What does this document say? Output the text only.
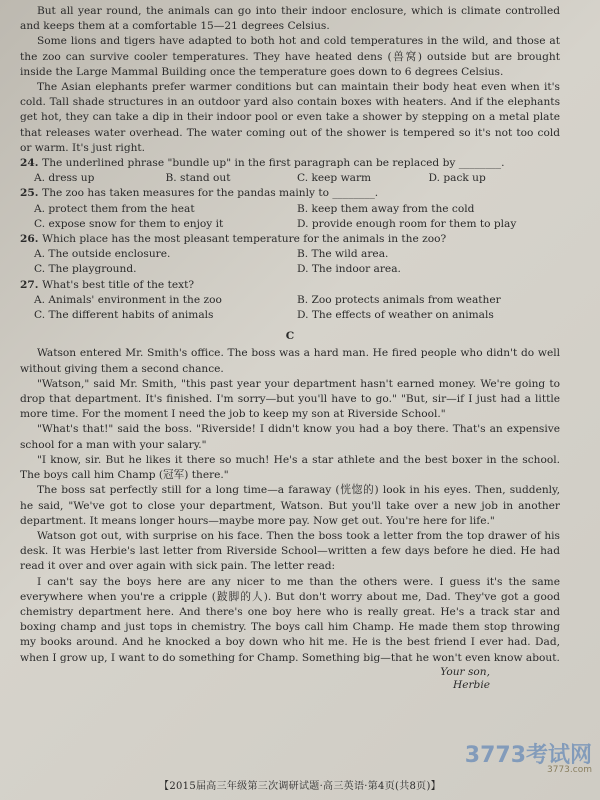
But all year round, the animals can go into their indoor enclosure, which is climate controlled and keeps them at a comfortable 15—21 degrees Celsius.

Some lions and tigers have adapted to both hot and cold temperatures in the wild, and those at the zoo can survive cooler temperatures. They have heated dens (兽窝) outside but are brought inside the Large Mammal Building once the temperature goes down to 6 degrees Celsius.

The Asian elephants prefer warmer conditions but can maintain their body heat even when it's cold. Tall shade structures in an outdoor yard also contain boxes with heaters. And if the elephants get hot, they can take a dip in their indoor pool or even take a shower by stepping on a metal plate that releases water overhead. The water coming out of the shower is tempered so it's not too cold or warm. It's just right.

24. The underlined phrase "bundle up" in the first paragraph can be replaced by ________.
A. dress up	B. stand out	C. keep warm	D. pack up
25. The zoo has taken measures for the pandas mainly to ________.
A. protect them from the heat	B. keep them away from the cold
C. expose snow for them to enjoy it	D. provide enough room for them to play
26. Which place has the most pleasant temperature for the animals in the zoo?
A. The outside enclosure.	B. The wild area.
C. The playground.	D. The indoor area.
27. What's best title of the text?
A. Animals' environment in the zoo	B. Zoo protects animals from weather
C. The different habits of animals	D. The effects of weather on animals
C

Watson entered Mr. Smith's office. The boss was a hard man. He fired people who didn't do well without giving them a second chance.

"Watson," said Mr. Smith, "this past year your department hasn't earned money. We're going to drop that department. It's finished. I'm sorry—but you'll have to go." "But, sir—if I just had a little more time. For the moment I need the job to keep my son at Riverside School."

"What's that!" said the boss. "Riverside! I didn't know you had a boy there. That's an expensive school for a man with your salary."

"I know, sir. But he likes it there so much! He's a star athlete and the best boxer in the school. The boys call him Champ (冠军) there."

The boss sat perfectly still for a long time—a faraway (恍惚的) look in his eyes. Then, suddenly, he said, "We've got to close your department, Watson. But you'll take over a new job in another department. It means longer hours—maybe more pay. Now get out. You're here for life."

Watson got out, with surprise on his face. Then the boss took a letter from the top drawer of his desk. It was Herbie's last letter from Riverside School—written a few days before he died. He had read it over and over again with sick pain. The letter read:

I can't say the boys here are any nicer to me than the others were. I guess it's the same everywhere when you're a cripple (跛脚的人). But don't worry about me, Dad. They've got a good chemistry department here. And there's one boy here who is really great. He's a track star and boxing champ and just tops in chemistry. The boys call him Champ. He made them stop throwing my books around. And he knocked a boy down who hit me. He is the best friend I ever had. Dad, when I grow up, I want to do something for Champ. Something big—that he won't even know about.

Your son,
Herbie
3773考试网
3773.com
【2015届高三年级第三次调研试题·高三英语·第4页(共8页)】
